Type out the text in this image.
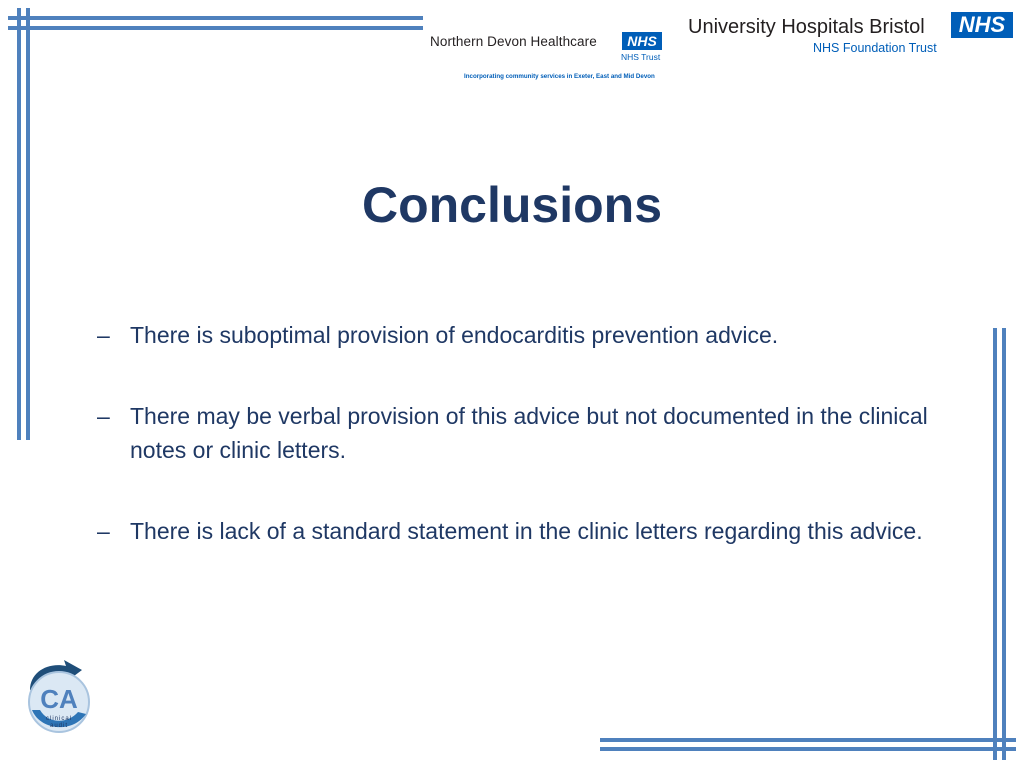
Northern Devon Healthcare	NHS
NHS Trust
Incorporating community services in Exeter, East and Mid Devon
University Hospitals Bristol	NHS
NHS Foundation Trust
Conclusions
– There is suboptimal provision of endocarditis prevention advice.
– There may be verbal provision of this advice but not documented in the clinical notes or clinic letters.
– There is lack of a standard statement in the clinic letters regarding this advice.
CA
clinical
audit
